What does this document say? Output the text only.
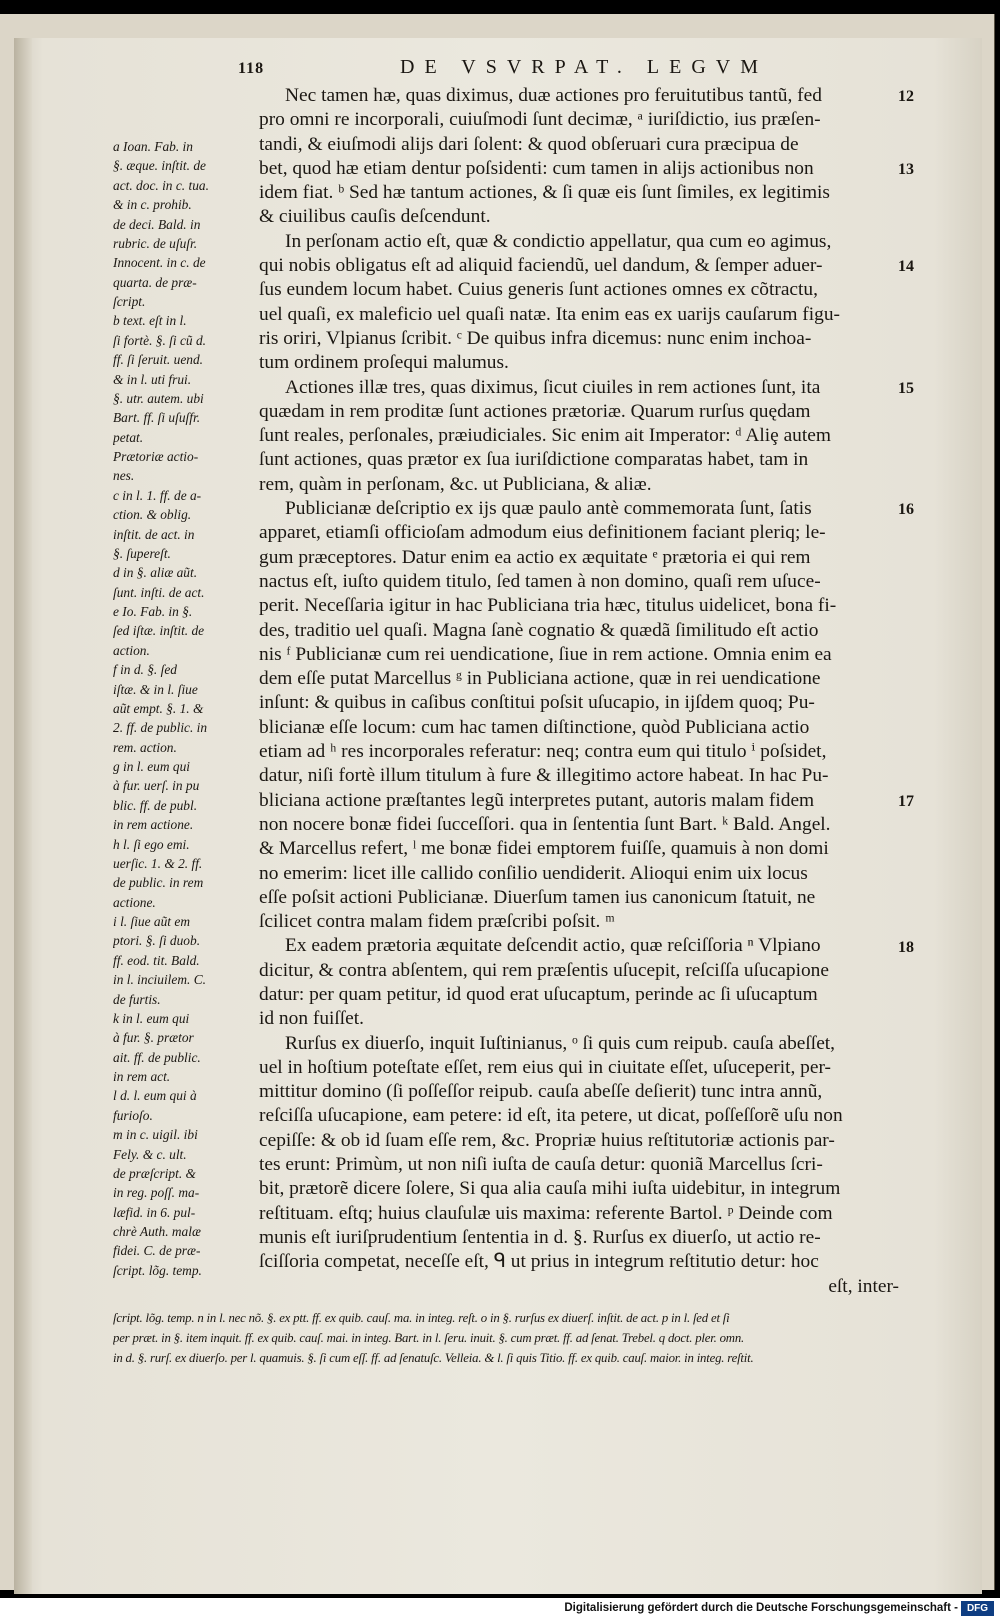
118	DE VSVRPAT. LEGVM
a Ioan. Fab. in
§. æque. inſtit. de
act. doc. in c. tua.
& in c. prohib.
de deci. Bald. in
rubric. de uſuſr.
Innocent. in c. de
quarta. de præ-
ſcript.
b text. eſt in l.
ſi fortè. §. ſi cũ d.
ff. ſi ſeruit. uend.
& in l. uti frui.
§. utr. autem. ubi
Bart. ff. ſi uſuſfr.
petat.
Prætoriæ actio-
nes.
c in l. 1. ff. de a-
ction. & oblig.
inſtit. de act. in
§. ſupereſt.
d in §. aliæ aũt.
ſunt. inſti. de act.
e Io. Fab. in §.
ſed iſtæ. inſtit. de
action.
f in d. §. ſed
iſtæ. & in l. ſiue
aũt empt. §. 1. &
2. ff. de public. in
rem. action.
g in l. eum qui
à fur. uerſ. in pu
blic. ff. de publ.
in rem actione.
h l. ſi ego emi.
uerſic. 1. & 2. ff.
de public. in rem
actione.
i l. ſiue aũt em
ptori. §. ſi duob.
ff. eod. tit. Bald.
in l. inciuilem. C.
de furtis.
k in l. eum qui
à fur. §. prætor
ait. ff. de public.
in rem act.
l d. l. eum qui à
furioſo.
m in c. uigil. ibi
Fely. & c. ult.
de præſcript. &
in reg. poſſ. ma-
læfid. in 6. pul-
chrè Auth. malæ
fidei. C. de præ-
ſcript. lõg. temp.
Nec tamen hæ, quas diximus, duæ actiones pro feruitutibus tantũ, fed
pro omni re incorporali, cuiuſmodi ſunt decimæ, ᵃ iuriſdictio, ius præſen-
tandi, & eiuſmodi alijs dari ſolent: & quod obſeruari cura præcipua de
bet, quod hæ etiam dentur poſsidenti: cum tamen in alijs actionibus non
idem fiat. ᵇ Sed hæ tantum actiones, & ſi quæ eis ſunt ſimiles, ex legitimis
& ciuilibus cauſis deſcendunt.
In perſonam actio eſt, quæ & condictio appellatur, qua cum eo agimus,
qui nobis obligatus eſt ad aliquid faciendũ, uel dandum, & ſemper aduer-
ſus eundem locum habet. Cuius generis ſunt actiones omnes ex cõtractu,
uel quaſi, ex maleficio uel quaſi natæ. Ita enim eas ex uarijs cauſarum figu-
ris oriri, Vlpianus ſcribit. ᶜ De quibus infra dicemus: nunc enim inchoa-
tum ordinem proſequi malumus.
Actiones illæ tres, quas diximus, ſicut ciuiles in rem actiones ſunt, ita
quædam in rem proditæ ſunt actiones prætoriæ. Quarum rurſus quędam
ſunt reales, perſonales, præiudiciales. Sic enim ait Imperator: ᵈ Aliȩ autem
ſunt actiones, quas prætor ex ſua iuriſdictione comparatas habet, tam in
rem, quàm in perſonam, &c. ut Publiciana, & aliæ.
Publicianæ deſcriptio ex ijs quæ paulo antè commemorata ſunt, ſatis
apparet, etiamſi officioſam admodum eius definitionem faciant pleriq; le-
gum præceptores. Datur enim ea actio ex æquitate ᵉ prætoria ei qui rem
nactus eſt, iuſto quidem titulo, ſed tamen à non domino, quaſi rem uſuce-
perit. Neceſſaria igitur in hac Publiciana tria hæc, titulus uidelicet, bona fi-
des, traditio uel quaſi. Magna ſanè cognatio & quædã ſimilitudo eſt actio
nis ᶠ Publicianæ cum rei uendicatione, ſiue in rem actione. Omnia enim ea
dem eſſe putat Marcellus ᵍ in Publiciana actione, quæ in rei uendicatione
inſunt: & quibus in caſibus conſtitui poſsit uſucapio, in ijſdem quoq; Pu-
blicianæ eſſe locum: cum hac tamen diſtinctione, quòd Publiciana actio
etiam ad ʰ res incorporales referatur: neq; contra eum qui titulo ⁱ poſsidet,
datur, niſi fortè illum titulum à fure & illegitimo actore habeat. In hac Pu-
bliciana actione præſtantes legũ interpretes putant, autoris malam fidem
non nocere bonæ fidei ſucceſſori. qua in ſententia ſunt Bart. ᵏ Bald. Angel.
& Marcellus refert, ˡ me bonæ fidei emptorem fuiſſe, quamuis à non domi
no emerim: licet ille callido conſilio uendiderit. Alioqui enim uix locus
eſſe poſsit actioni Publicianæ. Diuerſum tamen ius canonicum ſtatuit, ne
ſcilicet contra malam fidem præſcribi poſsit. ᵐ
Ex eadem prætoria æquitate deſcendit actio, quæ reſciſſoria ⁿ Vlpiano
dicitur, & contra abſentem, qui rem præſentis uſucepit, reſciſſa uſucapione
datur: per quam petitur, id quod erat uſucaptum, perinde ac ſi uſucaptum
id non fuiſſet.
Rurſus ex diuerſo, inquit Iuſtinianus, ᵒ ſi quis cum reipub. cauſa abeſſet,
uel in hoſtium poteſtate eſſet, rem eius qui in ciuitate eſſet, uſuceperit, per-
mittitur domino (ſi poſſeſſor reipub. cauſa abeſſe deſierit) tunc intra annũ,
reſciſſa uſucapione, eam petere: id eſt, ita petere, ut dicat, poſſeſſorẽ uſu non
cepiſſe: & ob id ſuam eſſe rem, &c. Propriæ huius reſtitutoriæ actionis par-
tes erunt: Primùm, ut non niſi iuſta de cauſa detur: quoniã Marcellus ſcri-
bit, prætorẽ dicere ſolere, Si qua alia cauſa mihi iuſta uidebitur, in integrum
reſtituam. eſtq; huius clauſulæ uis maxima: referente Bartol. ᵖ Deinde com
munis eſt iuriſprudentium ſententia in d. §. Rurſus ex diuerſo, ut actio re-
ſciſſoria competat, neceſſe eſt, ᑫ ut prius in integrum reſtitutio detur: hoc
eſt, inter-
12
13
14
15
16
17
18
ſcript. lõg. temp. n in l. nec nõ. §. ex ptt. ff. ex quib. cauſ. ma. in integ. reſt. o in §. rurſus ex diuerſ. inſtit. de act. p in l. ſed et ſi
per præt. in §. item inquit. ff. ex quib. cauſ. mai. in integ. Bart. in l. ſeru. inuit. §. cum præt. ff. ad ſenat. Trebel. q doct. pler. omn.
in d. §. rurſ. ex diuerſo. per l. quamuis. §. ſi cum eſſ. ff. ad ſenatuſc. Velleia. & l. ſi quis Titio. ff. ex quib. cauſ. maior. in integ. reſtit.
Digitalisierung gefördert durch die Deutsche Forschungsgemeinschaft - DFG
